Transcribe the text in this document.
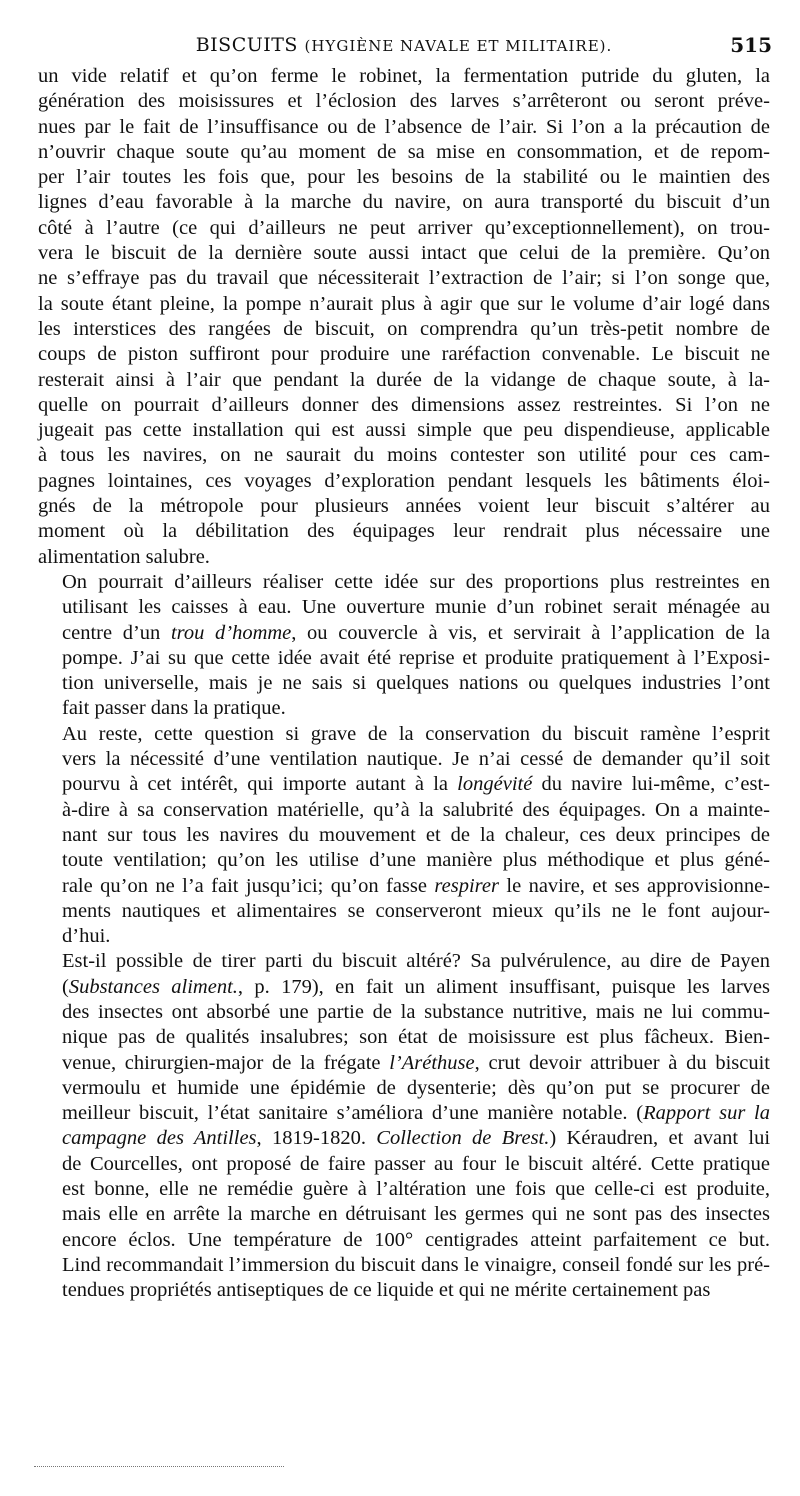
BISCUITS (HYGIÈNE NAVALE ET MILITAIRE).	515
un vide relatif et qu’on ferme le robinet, la fermentation putride du gluten, la
génération des moisissures et l’éclosion des larves s’arrêteront ou seront préve-
nues par le fait de l’insuffisance ou de l’absence de l’air. Si l’on a la précaution de
n’ouvrir chaque soute qu’au moment de sa mise en consommation, et de repom-
per l’air toutes les fois que, pour les besoins de la stabilité ou le maintien des
lignes d’eau favorable à la marche du navire, on aura transporté du biscuit d’un
côté à l’autre (ce qui d’ailleurs ne peut arriver qu’exceptionnellement), on trou-
vera le biscuit de la dernière soute aussi intact que celui de la première. Qu’on
ne s’effraye pas du travail que nécessiterait l’extraction de l’air; si l’on songe que,
la soute étant pleine, la pompe n’aurait plus à agir que sur le volume d’air logé dans
les interstices des rangées de biscuit, on comprendra qu’un très-petit nombre de
coups de piston suffiront pour produire une raréfaction convenable. Le biscuit ne
resterait ainsi à l’air que pendant la durée de la vidange de chaque soute, à la-
quelle on pourrait d’ailleurs donner des dimensions assez restreintes. Si l’on ne
jugeait pas cette installation qui est aussi simple que peu dispendieuse, applicable
à tous les navires, on ne saurait du moins contester son utilité pour ces cam-
pagnes lointaines, ces voyages d’exploration pendant lesquels les bâtiments éloi-
gnés de la métropole pour plusieurs années voient leur biscuit s’altérer au
moment où la débilitation des équipages leur rendrait plus nécessaire une
alimentation salubre.
On pourrait d’ailleurs réaliser cette idée sur des proportions plus restreintes en
utilisant les caisses à eau. Une ouverture munie d’un robinet serait ménagée au
centre d’un trou d’homme, ou couvercle à vis, et servirait à l’application de la
pompe. J’ai su que cette idée avait été reprise et produite pratiquement à l’Exposi-
tion universelle, mais je ne sais si quelques nations ou quelques industries l’ont
fait passer dans la pratique.
Au reste, cette question si grave de la conservation du biscuit ramène l’esprit
vers la nécessité d’une ventilation nautique. Je n’ai cessé de demander qu’il soit
pourvu à cet intérêt, qui importe autant à la longévité du navire lui-même, c’est-
à-dire à sa conservation matérielle, qu’à la salubrité des équipages. On a mainte-
nant sur tous les navires du mouvement et de la chaleur, ces deux principes de
toute ventilation; qu’on les utilise d’une manière plus méthodique et plus géné-
rale qu’on ne l’a fait jusqu’ici; qu’on fasse respirer le navire, et ses approvisionne-
ments nautiques et alimentaires se conserveront mieux qu’ils ne le font aujour-
d’hui.
Est-il possible de tirer parti du biscuit altéré? Sa pulvérulence, au dire de Payen
(Substances aliment., p. 179), en fait un aliment insuffisant, puisque les larves
des insectes ont absorbé une partie de la substance nutritive, mais ne lui commu-
nique pas de qualités insalubres; son état de moisissure est plus fâcheux. Bien-
venue, chirurgien-major de la frégate l’Aréthuse, crut devoir attribuer à du biscuit
vermoulu et humide une épidémie de dysenterie; dès qu’on put se procurer de
meilleur biscuit, l’état sanitaire s’améliora d’une manière notable. (Rapport sur la
campagne des Antilles, 1819-1820. Collection de Brest.) Kéraudren, et avant lui
de Courcelles, ont proposé de faire passer au four le biscuit altéré. Cette pratique
est bonne, elle ne remédie guère à l’altération une fois que celle-ci est produite,
mais elle en arrête la marche en détruisant les germes qui ne sont pas des insectes
encore éclos. Une température de 100° centigrades atteint parfaitement ce but.
Lind recommandait l’immersion du biscuit dans le vinaigre, conseil fondé sur les pré-
tendues propriétés antiseptiques de ce liquide et qui ne mérite certainement pas
